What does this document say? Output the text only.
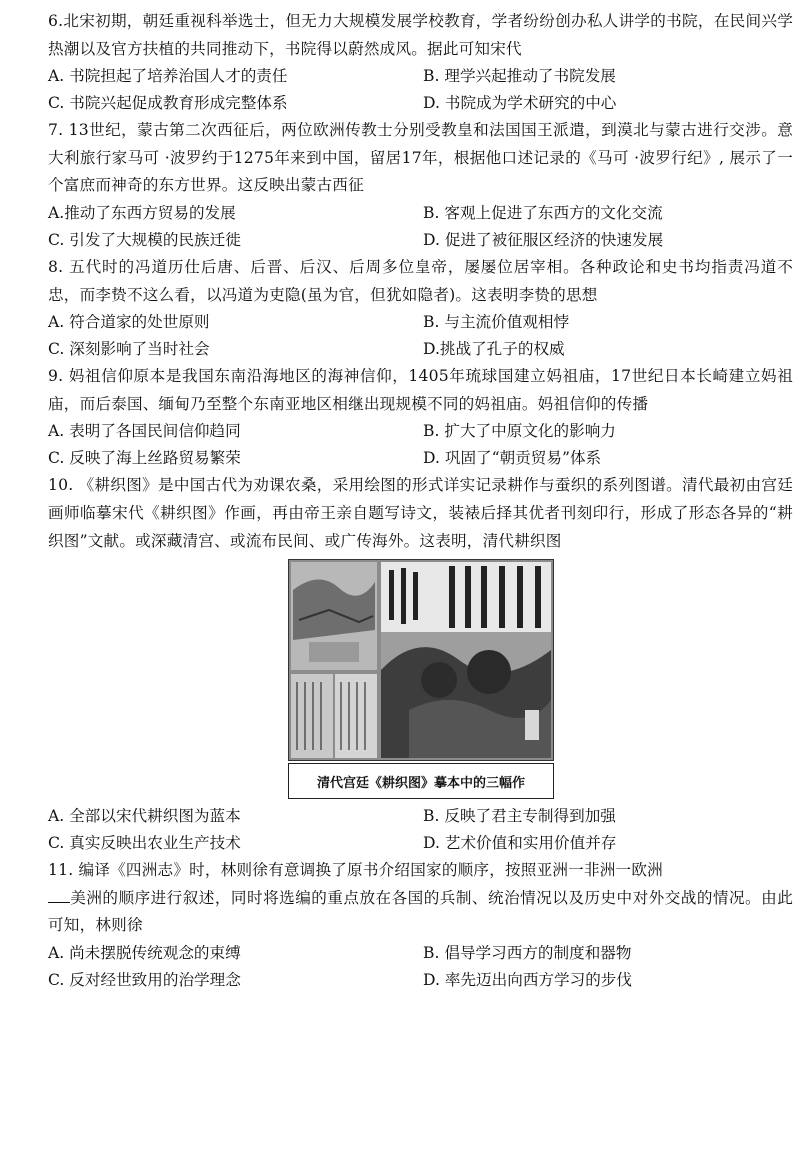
6.北宋初期，朝廷重视科举选士，但无力大规模发展学校教育，学者纷纷创办私人讲学的书院，在民间兴学热潮以及官方扶植的共同推动下，书院得以蔚然成风。据此可知宋代

A. 书院担起了培养治国人才的责任	B. 理学兴起推动了书院发展
C. 书院兴起促成教育形成完整体系	D. 书院成为学术研究的中心

7. 13世纪，蒙古第二次西征后，两位欧洲传教士分别受教皇和法国国王派遣，到漠北与蒙古进行交涉。意大利旅行家马可 ·波罗约于1275年来到中国，留居17年，根据他口述记录的《马可 ·波罗行纪》, 展示了一个富庶而神奇的东方世界。这反映出蒙古西征

A.推动了东西方贸易的发展	B. 客观上促进了东西方的文化交流
C. 引发了大规模的民族迁徙	D. 促进了被征服区经济的快速发展

8. 五代时的冯道历仕后唐、后晋、后汉、后周多位皇帝，屡屡位居宰相。各种政论和史书均指责冯道不忠，而李贽不这么看，以冯道为吏隐(虽为官，但犹如隐者)。这表明李贽的思想

A. 符合道家的处世原则	B. 与主流价值观相悖
C. 深刻影响了当时社会	D.挑战了孔子的权威

9. 妈祖信仰原本是我国东南沿海地区的海神信仰，1405年琉球国建立妈祖庙，17世纪日本长崎建立妈祖庙，而后泰国、缅甸乃至整个东南亚地区相继出现规模不同的妈祖庙。妈祖信仰的传播

A. 表明了各国民间信仰趋同	B. 扩大了中原文化的影响力
C. 反映了海上丝路贸易繁荣	D. 巩固了“朝贡贸易”体系

10. 《耕织图》是中国古代为劝课农桑，采用绘图的形式详实记录耕作与蚕织的系列图谱。清代最初由宫廷画师临摹宋代《耕织图》作画，再由帝王亲自题写诗文，装裱后择其优者刊刻印行，形成了形态各异的“耕织图”文献。或深藏清宫、或流布民间、或广传海外。这表明，清代耕织图

清代宫廷《耕织图》摹本中的三幅作
A. 全部以宋代耕织图为蓝本	B. 反映了君主专制得到加强
C. 真实反映出农业生产技术	D. 艺术价值和实用价值并存

11. 编译《四洲志》时，林则徐有意调换了原书介绍国家的顺序，按照亚洲一非洲一欧洲
美洲的顺序进行叙述，同时将选编的重点放在各国的兵制、统治情况以及历史中对外交战的情况。由此可知，林则徐

A. 尚未摆脱传统观念的束缚	B. 倡导学习西方的制度和器物
C. 反对经世致用的治学理念	D. 率先迈出向西方学习的步伐
